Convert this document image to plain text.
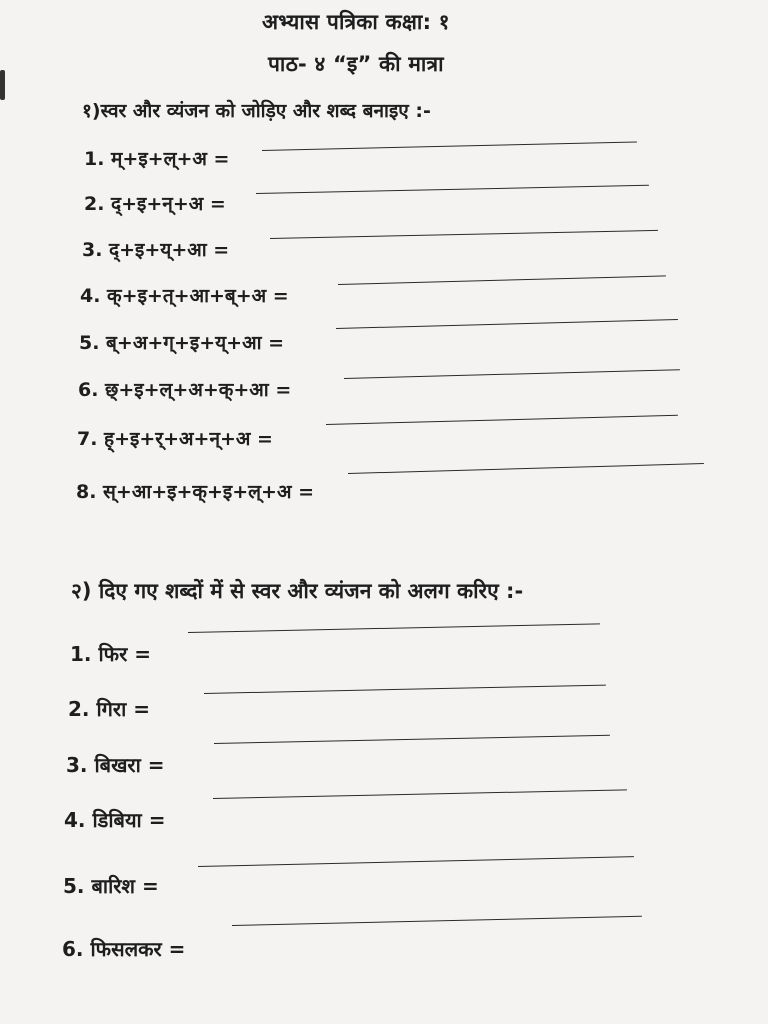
अभ्यास पत्रिका कक्षा: १
पाठ- ४ “इ” की मात्रा
१)स्वर और व्यंजन को जोड़िए और शब्द बनाइए :-
1. म्+इ+ल्+अ =
2. द्+इ+न्+अ =
3. द्+इ+य्+आ =
4. क्+इ+त्+आ+ब्+अ =
5. ब्+अ+ग्+इ+य्+आ =
6. छ्+इ+ल्+अ+क्+आ =
7. ह्+इ+र्+अ+न्+अ =
8. स्+आ+इ+क्+इ+ल्+अ =
२) दिए गए शब्दों में से स्वर और व्यंजन को अलग करिए :-
1. फिर =
2. गिरा =
3. बिखरा =
4. डिबिया =
5. बारिश =
6. फिसलकर =
